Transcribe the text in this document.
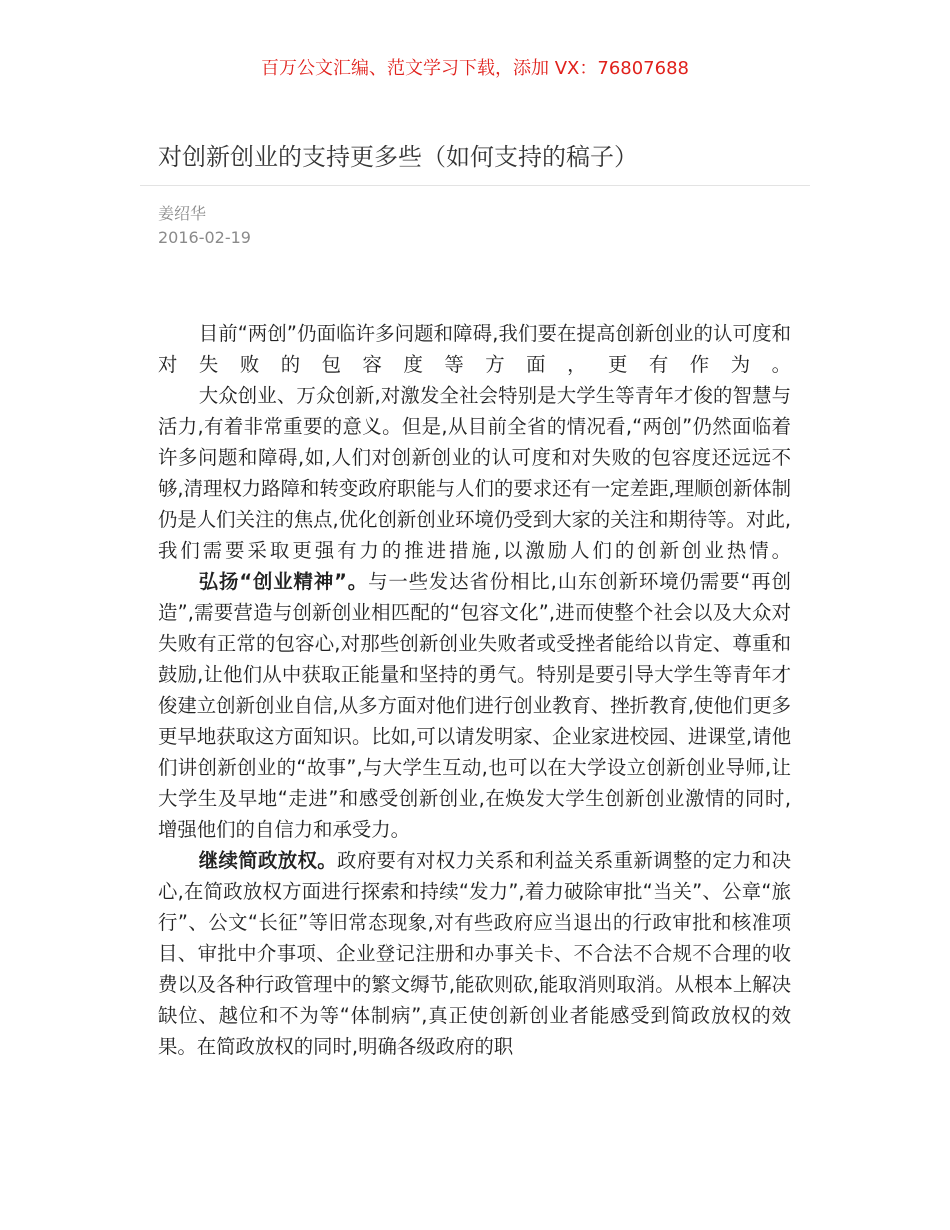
百万公文汇编、范文学习下载，添加 VX：76807688
对创新创业的支持更多些（如何支持的稿子）
姜绍华
2016-02-19

目前“两创”仍面临许多问题和障碍,我们要在提高创新创业的认可度和对失败的包容度等方面，更有作为。

大众创业、万众创新,对激发全社会特别是大学生等青年才俊的智慧与活力,有着非常重要的意义。但是,从目前全省的情况看,“两创”仍然面临着许多问题和障碍,如,人们对创新创业的认可度和对失败的包容度还远远不够,清理权力路障和转变政府职能与人们的要求还有一定差距,理顺创新体制仍是人们关注的焦点,优化创新创业环境仍受到大家的关注和期待等。对此,我们需要采取更强有力的推进措施,以激励人们的创新创业热情。

弘扬“创业精神”。与一些发达省份相比,山东创新环境仍需要“再创造”,需要营造与创新创业相匹配的“包容文化”,进而使整个社会以及大众对失败有正常的包容心,对那些创新创业失败者或受挫者能给以肯定、尊重和鼓励,让他们从中获取正能量和坚持的勇气。特别是要引导大学生等青年才俊建立创新创业自信,从多方面对他们进行创业教育、挫折教育,使他们更多更早地获取这方面知识。比如,可以请发明家、企业家进校园、进课堂,请他们讲创新创业的“故事”,与大学生互动,也可以在大学设立创新创业导师,让大学生及早地“走进”和感受创新创业,在焕发大学生创新创业激情的同时,增强他们的自信力和承受力。

继续简政放权。政府要有对权力关系和利益关系重新调整的定力和决心,在简政放权方面进行探索和持续“发力”,着力破除审批“当关”、公章“旅行”、公文“长征”等旧常态现象,对有些政府应当退出的行政审批和核准项目、审批中介事项、企业登记注册和办事关卡、不合法不合规不合理的收费以及各种行政管理中的繁文缛节,能砍则砍,能取消则取消。从根本上解决缺位、越位和不为等“体制病”,真正使创新创业者能感受到简政放权的效果。在简政放权的同时,明确各级政府的职
